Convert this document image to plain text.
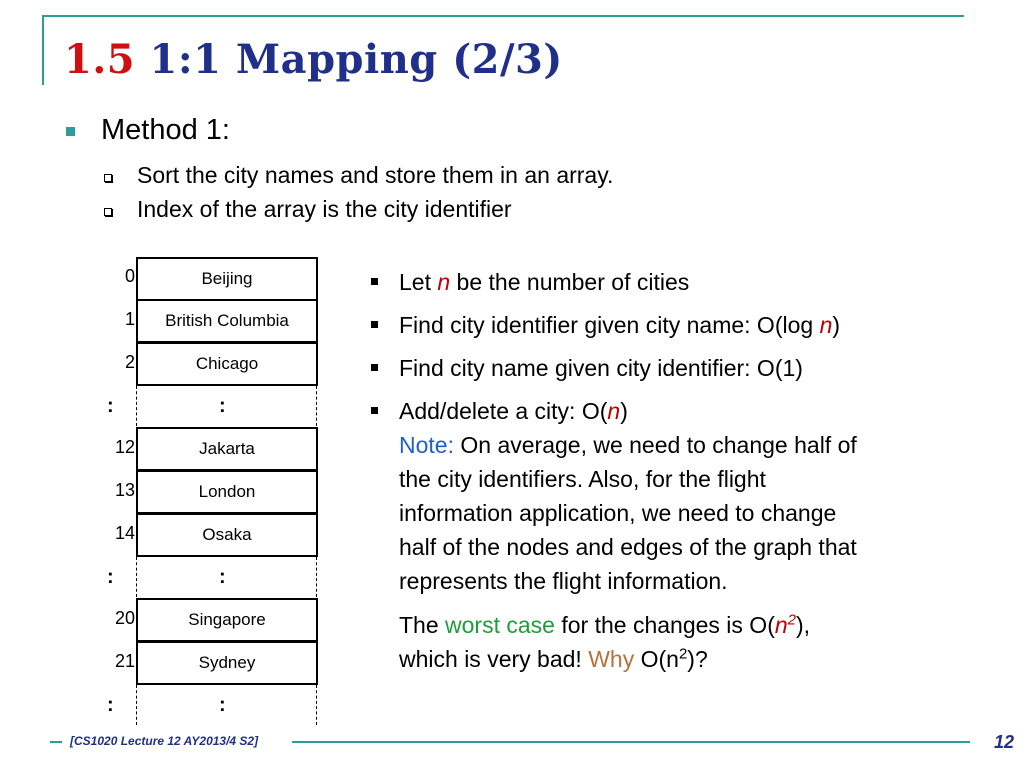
1.5 1:1 Mapping (2/3)
Method 1:
Sort the city names and store them in an array.
Index of the array is the city identifier
0	Beijing
1	British Columbia
2	Chicago
:	:
12	Jakarta
13	London
14	Osaka
:	:
20	Singapore
21	Sydney
:	:
Let n be the number of cities
Find city identifier given city name: O(log n)
Find city name given city identifier: O(1)
Add/delete a city: O(n)
Note: On average, we need to change half of
the city identifiers. Also, for the flight
information application, we need to change
half of the nodes and edges of the graph that
represents the flight information.
The worst case for the changes is $O(n^2)$,
which is very bad! Why $O(n^2)$?
[CS1020 Lecture 12 AY2013/4 S2]	12
